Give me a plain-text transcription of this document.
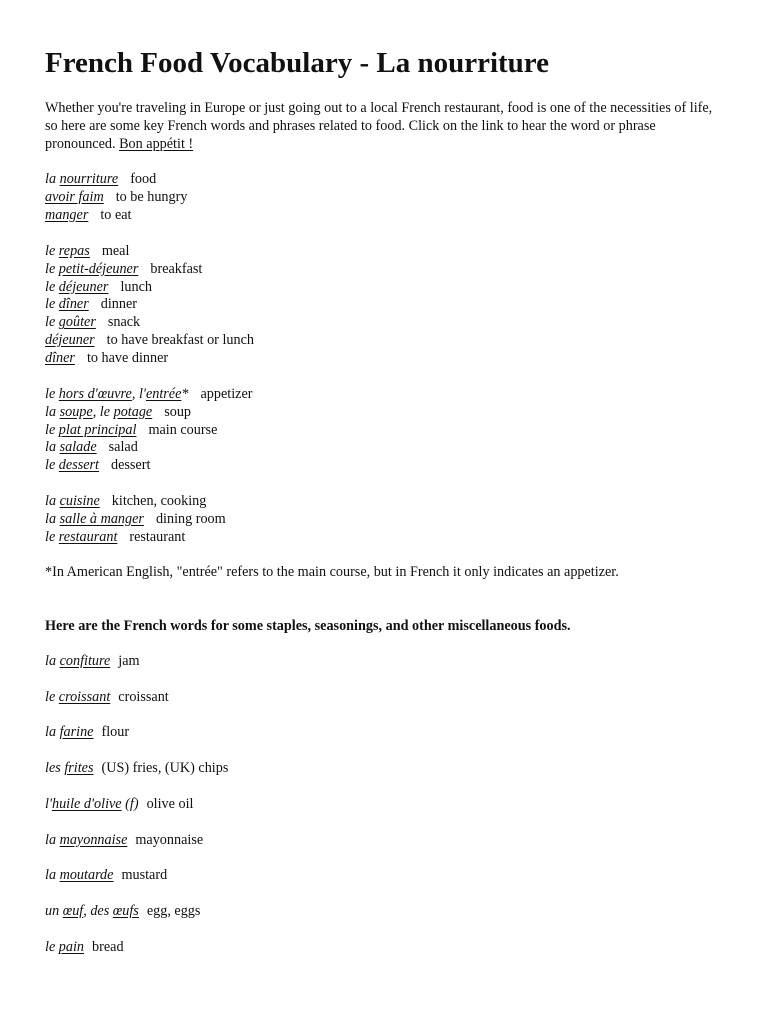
French Food Vocabulary - La nourriture

Whether you're traveling in Europe or just going out to a local French restaurant, food is one of the necessities of life, so here are some key French words and phrases related to food. Click on the link to hear the word or phrase pronounced. Bon appétit !

la nourriture food
avoir faim to be hungry
manger to eat
le repas meal
le petit-déjeuner breakfast
le déjeuner lunch
le dîner dinner
le goûter snack
déjeuner to have breakfast or lunch
dîner to have dinner
le hors d'œuvre, l'entrée* appetizer
la soupe, le potage soup
le plat principal main course
la salade salad
le dessert dessert
la cuisine kitchen, cooking
la salle à manger dining room
le restaurant restaurant
*In American English, "entrée" refers to the main course, but in French it only indicates an appetizer.
Here are the French words for some staples, seasonings, and other miscellaneous foods.
la confiture jam
le croissant croissant
la farine flour
les frites (US) fries, (UK) chips
l'huile d'olive (f) olive oil
la mayonnaise mayonnaise
la moutarde mustard
un œuf, des œufs egg, eggs
le pain bread
